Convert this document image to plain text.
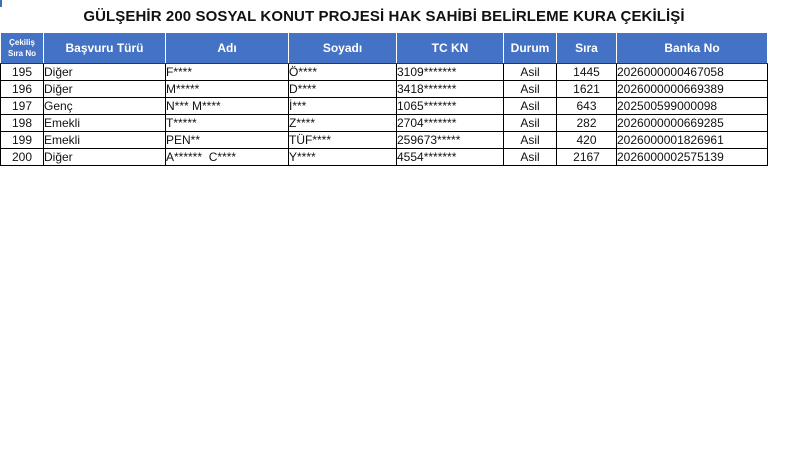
GÜLŞEHİR 200 SOSYAL KONUT PROJESİ HAK SAHİBİ BELİRLEME KURA ÇEKİLİŞİ
Çekiliş Sıra No	Başvuru Türü	Adı	Soyadı	TC KN	Durum	Sıra	Banka No
195	Diğer	F****	Ö****	3109*******	Asil	1445	2026000000467058
196	Diğer	M*****	D****	3418*******	Asil	1621	2026000000669389
197	Genç	N*** M****	İ***	1065*******	Asil	643	202500599000098
198	Emekli	T*****	Z****	2704*******	Asil	282	2026000000669285
199	Emekli	PEN**	TÜF****	259673*****	Asil	420	2026000001826961
200	Diğer	A******  C****	Y****	4554*******	Asil	2167	2026000002575139
